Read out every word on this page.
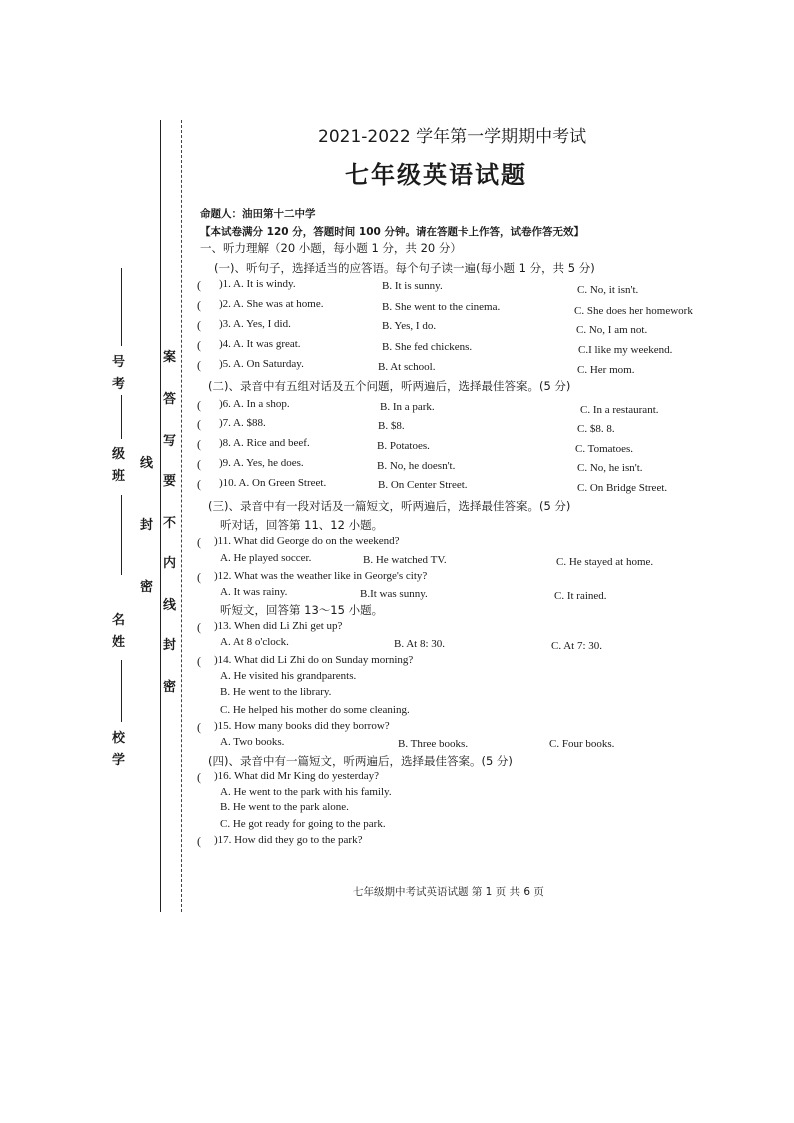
号
考
级
班
名
姓
校
学
案
答
写
要
不
内
线
封
密
线
封
密
2021-2022 学年第一学期期中考试
七年级英语试题
命题人：油田第十二中学
【本试卷满分 120 分，答题时间 100 分钟。请在答题卡上作答，试卷作答无效】
一、听力理解（20 小题，每小题 1 分，共 20 分）
(一)、听句子，选择适当的应答语。每个句子读一遍(每小题 1 分，共 5 分)
( )1. A. It is windy.	B. It is sunny.	C. No, it isn't.
( )2. A. She was at home.	B. She went to the cinema.	C. She does her homework
( )3. A. Yes, I did.	B. Yes, I do.	C. No, I am not.
( )4. A. It was great.	B. She fed chickens.	C.I like my weekend.
( )5. A. On Saturday.	B. At school.	C. Her mom.
(二)、录音中有五组对话及五个问题，听两遍后，选择最佳答案。(5 分)
( )6. A. In a shop.	B. In a park.	C. In a restaurant.
( )7. A. $88.	B. $8.	C. $8. 8.
( )8. A. Rice and beef.	B. Potatoes.	C. Tomatoes.
( )9. A. Yes, he does.	B. No, he doesn't.	C. No, he isn't.
( )10. A. On Green Street.	B. On Center Street.	C. On Bridge Street.
(三)、录音中有一段对话及一篇短文，听两遍后，选择最佳答案。(5 分)
听对话，回答第 11、12 小题。
( )11. What did George do on the weekend?
A. He played soccer.	B. He watched TV.	C. He stayed at home.
( )12. What was the weather like in George's city?
A. It was rainy.	B.It was sunny.	C. It rained.
听短文，回答第 13～15 小题。
( )13. When did Li Zhi get up?
A. At 8 o'clock.	B. At 8: 30.	C. At 7: 30.
( )14. What did Li Zhi do on Sunday morning?
A. He visited his grandparents.
B. He went to the library.
C. He helped his mother do some cleaning.
( )15. How many books did they borrow?
A. Two books.	B. Three books.	C. Four books.
(四)、录音中有一篇短文，听两遍后，选择最佳答案。(5 分)
( )16. What did Mr King do yesterday?
A. He went to the park with his family.
B. He went to the park alone.
C. He got ready for going to the park.
( )17. How did they go to the park?
七年级期中考试英语试题 第 1 页 共 6 页
